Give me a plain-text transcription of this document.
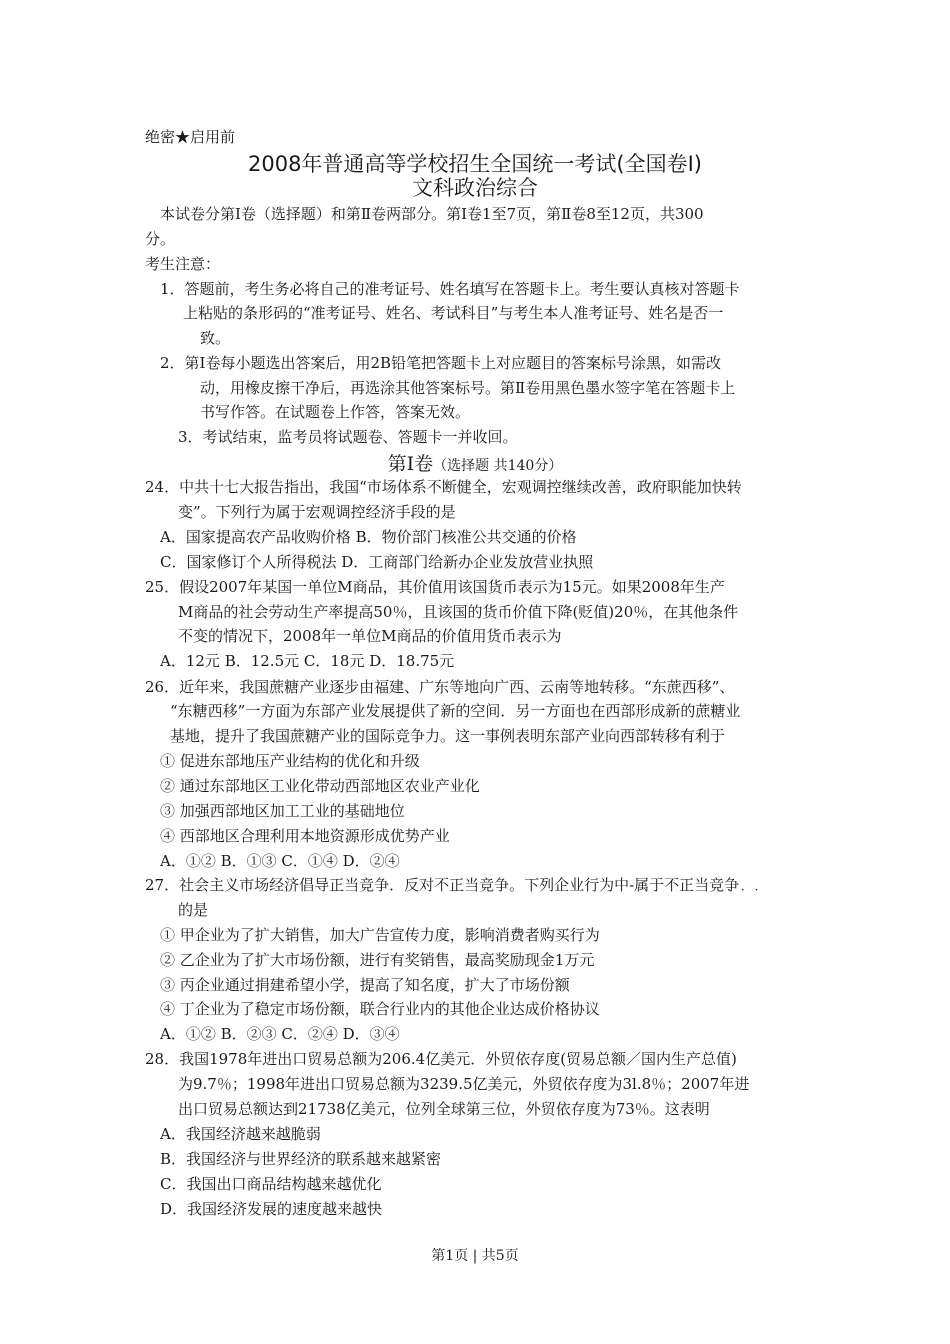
绝密★启用前
2008年普通高等学校招生全国统一考试(全国卷Ⅰ)
文科政治综合
本试卷分第Ⅰ卷（选择题）和第Ⅱ卷两部分。第Ⅰ卷1至7页，第Ⅱ卷8至12页，共300
分。
考生注意：
1．答题前，考生务必将自己的准考证号、姓名填写在答题卡上。考生要认真核对答题卡
上粘贴的条形码的“准考证号、姓名、考试科目”与考生本人准考证号、姓名是否一
致。
2．第Ⅰ卷每小题选出答案后，用2B铅笔把答题卡上对应题目的答案标号涂黑，如需改
动，用橡皮擦干净后，再选涂其他答案标号。第Ⅱ卷用黑色墨水签字笔在答题卡上
书写作答。在试题卷上作答，答案无效。
3．考试结束，监考员将试题卷、答题卡一并收回。
第Ⅰ卷（选择题 共140分）
24．中共十七大报告指出，我国“市场体系不断健全，宏观调控继续改善，政府职能加快转
变”。下列行为属于宏观调控经济手段的是
A．国家提高农产品收购价格 B．物价部门核准公共交通的价格
C．国家修订个人所得税法 D．工商部门给新办企业发放营业执照
25．假设2007年某国一单位M商品，其价值用该国货币表示为15元。如果2008年生产
M商品的社会劳动生产率提高50％，且该国的货币价值下降(贬值)20％，在其他条件
不变的情况下，2008年一单位M商品的价值用货币表示为
A．12元 B．12.5元 C．18元 D．18.75元
26．近年来，我国蔗糖产业逐步由福建、广东等地向广西、云南等地转移。“东蔗西移”、
“东糖西移”一方面为东部产业发展提供了新的空间．另一方面也在西部形成新的蔗糖业
基地，提升了我国蔗糖产业的国际竞争力。这一事例表明东部产业向西部转移有利于
① 促进东部地压产业结构的优化和升级
② 通过东部地区工业化带动西部地区农业产业化
③ 加强西部地区加工工业的基础地位
④ 西部地区合理利用本地资源形成优势产业
A．①② B．①③ C．①④ D．②④
27．社会主义市场经济倡导正当竞争．反对不正当竞争。下列企业行为中-属于不正当竞争
···
的是
① 甲企业为了扩大销售，加大广告宣传力度，影响消费者购买行为
② 乙企业为了扩大市场份额，进行有奖销售，最高奖励现金1万元
③ 丙企业通过捐建希望小学，提高了知名度，扩大了市场份额
④ 丁企业为了稳定市场份额，联合行业内的其他企业达成价格协议
A．①② B．②③ C．②④ D．③④
28．我国1978年进出口贸易总额为206.4亿美元．外贸依存度(贸易总额／国内生产总值)
为9.7％；1998年进出口贸易总额为3239.5亿美元，外贸依存度为3l.8％；2007年进
出口贸易总额达到21738亿美元，位列全球第三位，外贸依存度为73％。这表明
A．我国经济越来越脆弱
B．我国经济与世界经济的联系越来越紧密
C．我国出口商品结构越来越优化
D．我国经济发展的速度越来越快
第1页 | 共5页
